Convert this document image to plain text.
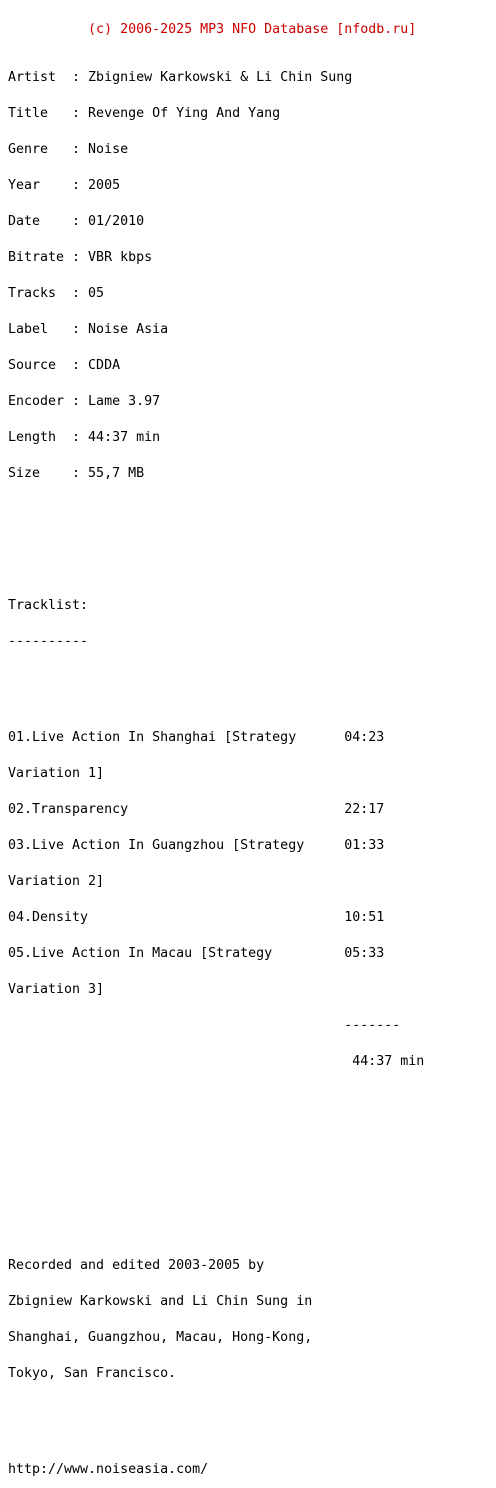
(c) 2006-2025 MP3 NFO Database [nfodb.ru]

Artist  : Zbigniew Karkowski & Li Chin Sung

Title   : Revenge Of Ying And Yang

Genre   : Noise

Year    : 2005

Date    : 01/2010

Bitrate : VBR kbps

Tracks  : 05

Label   : Noise Asia

Source  : CDDA

Encoder : Lame 3.97

Length  : 44:37 min

Size    : 55,7 MB

Tracklist:

----------

01.Live Action In Shanghai [Strategy      04:23

Variation 1]

02.Transparency                           22:17

03.Live Action In Guangzhou [Strategy     01:33

Variation 2]

04.Density                                10:51

05.Live Action In Macau [Strategy         05:33

Variation 3]

-------

44:37 min

Recorded and edited 2003-2005 by

Zbigniew Karkowski and Li Chin Sung in

Shanghai, Guangzhou, Macau, Hong-Kong,

Tokyo, San Francisco.

http://www.noiseasia.com/
